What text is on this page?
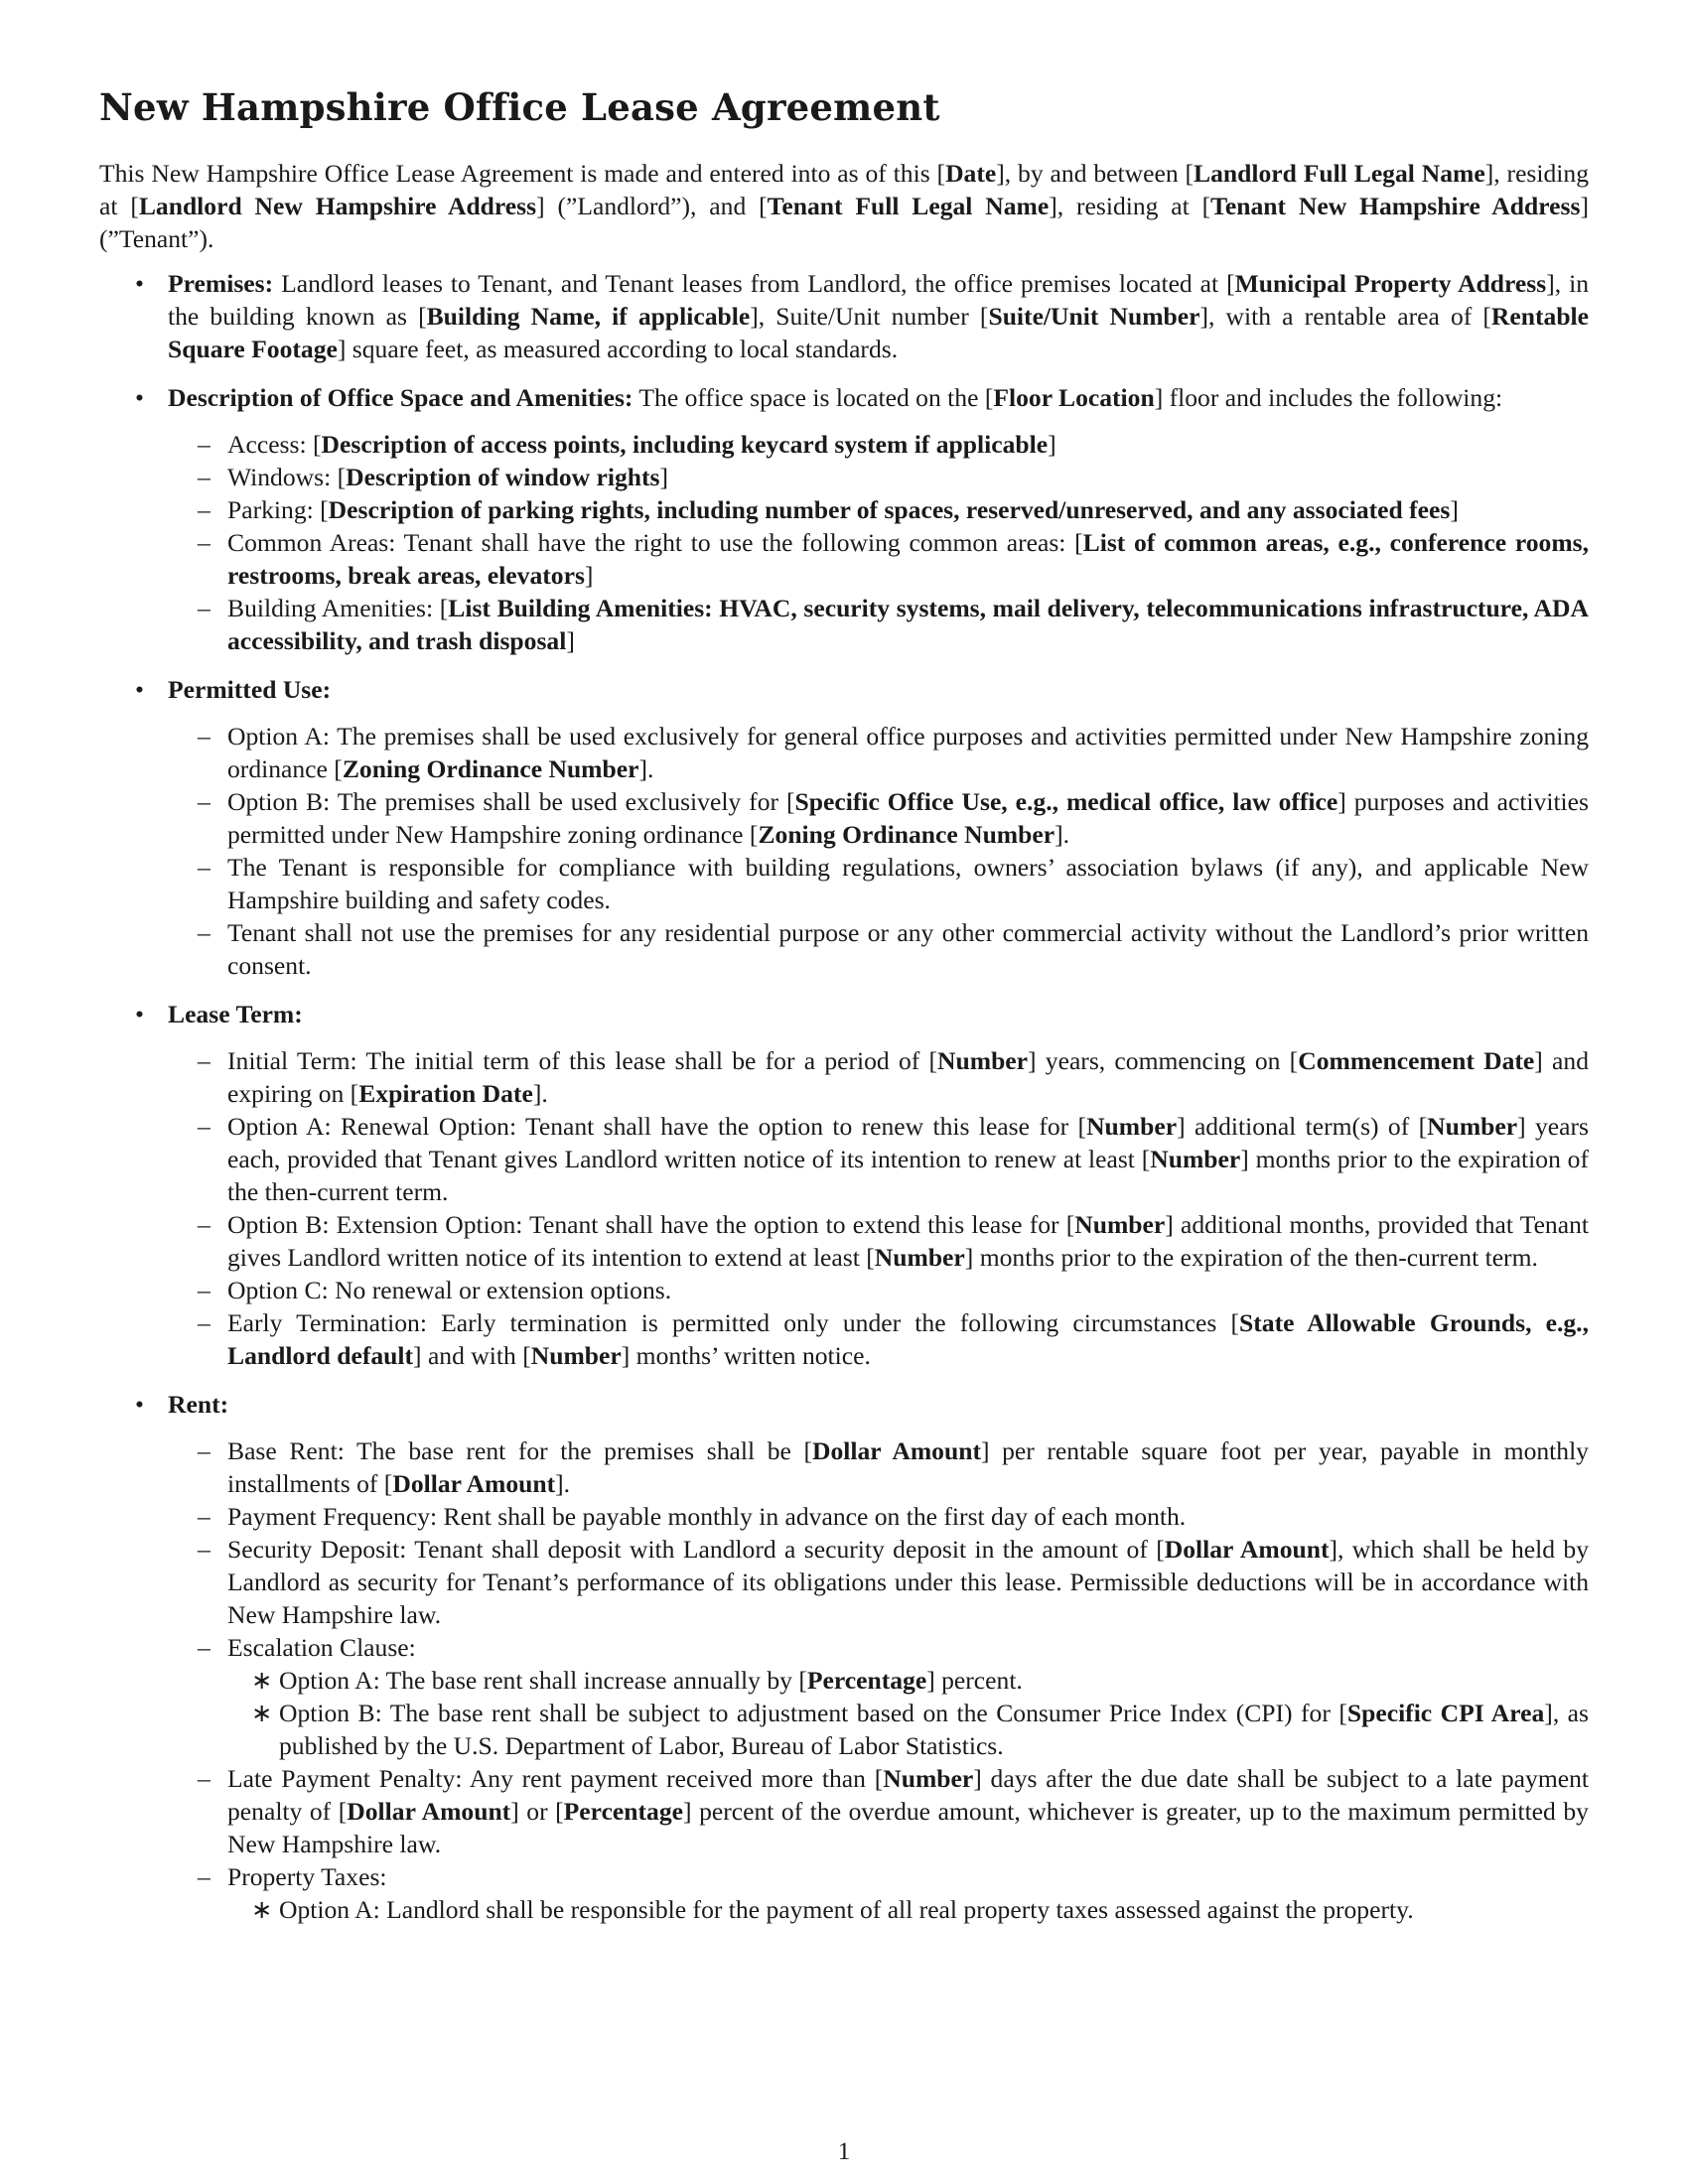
New Hampshire Office Lease Agreement

This New Hampshire Office Lease Agreement is made and entered into as of this [Date], by and between [Landlord Full Legal Name], residing at [Landlord New Hampshire Address] (”Landlord”), and [Tenant Full Legal Name], residing at [Tenant New Hampshire Address] (”Tenant”).

• Premises: Landlord leases to Tenant, and Tenant leases from Landlord, the office premises located at [Municipal Property Address], in the building known as [Building Name, if applicable], Suite/Unit number [Suite/Unit Number], with a rentable area of [Rentable Square Footage] square feet, as measured according to local standards.
• Description of Office Space and Amenities: The office space is located on the [Floor Location] floor and includes the following:
– Access: [Description of access points, including keycard system if applicable]
– Windows: [Description of window rights]
– Parking: [Description of parking rights, including number of spaces, reserved/unreserved, and any associated fees]
– Common Areas: Tenant shall have the right to use the following common areas: [List of common areas, e.g., conference rooms, restrooms, break areas, elevators]
– Building Amenities: [List Building Amenities: HVAC, security systems, mail delivery, telecommunications infrastructure, ADA accessibility, and trash disposal]
• Permitted Use:
– Option A: The premises shall be used exclusively for general office purposes and activities permitted under New Hampshire zoning ordinance [Zoning Ordinance Number].
– Option B: The premises shall be used exclusively for [Specific Office Use, e.g., medical office, law office] purposes and activities permitted under New Hampshire zoning ordinance [Zoning Ordinance Number].
– The Tenant is responsible for compliance with building regulations, owners’ association bylaws (if any), and applicable New Hampshire building and safety codes.
– Tenant shall not use the premises for any residential purpose or any other commercial activity without the Landlord’s prior written consent.
• Lease Term:
– Initial Term: The initial term of this lease shall be for a period of [Number] years, commencing on [Commencement Date] and expiring on [Expiration Date].
– Option A: Renewal Option: Tenant shall have the option to renew this lease for [Number] additional term(s) of [Number] years each, provided that Tenant gives Landlord written notice of its intention to renew at least [Number] months prior to the expiration of the then-current term.
– Option B: Extension Option: Tenant shall have the option to extend this lease for [Number] additional months, provided that Tenant gives Landlord written notice of its intention to extend at least [Number] months prior to the expiration of the then-current term.
– Option C: No renewal or extension options.
– Early Termination: Early termination is permitted only under the following circumstances [State Allowable Grounds, e.g., Landlord default] and with [Number] months’ written notice.
• Rent:
– Base Rent: The base rent for the premises shall be [Dollar Amount] per rentable square foot per year, payable in monthly installments of [Dollar Amount].
– Payment Frequency: Rent shall be payable monthly in advance on the first day of each month.
– Security Deposit: Tenant shall deposit with Landlord a security deposit in the amount of [Dollar Amount], which shall be held by Landlord as security for Tenant’s performance of its obligations under this lease. Permissible deductions will be in accordance with New Hampshire law.
– Escalation Clause:
∗ Option A: The base rent shall increase annually by [Percentage] percent.
∗ Option B: The base rent shall be subject to adjustment based on the Consumer Price Index (CPI) for [Specific CPI Area], as published by the U.S. Department of Labor, Bureau of Labor Statistics.
– Late Payment Penalty: Any rent payment received more than [Number] days after the due date shall be subject to a late payment penalty of [Dollar Amount] or [Percentage] percent of the overdue amount, whichever is greater, up to the maximum permitted by New Hampshire law.
– Property Taxes:
∗ Option A: Landlord shall be responsible for the payment of all real property taxes assessed against the property.
1
